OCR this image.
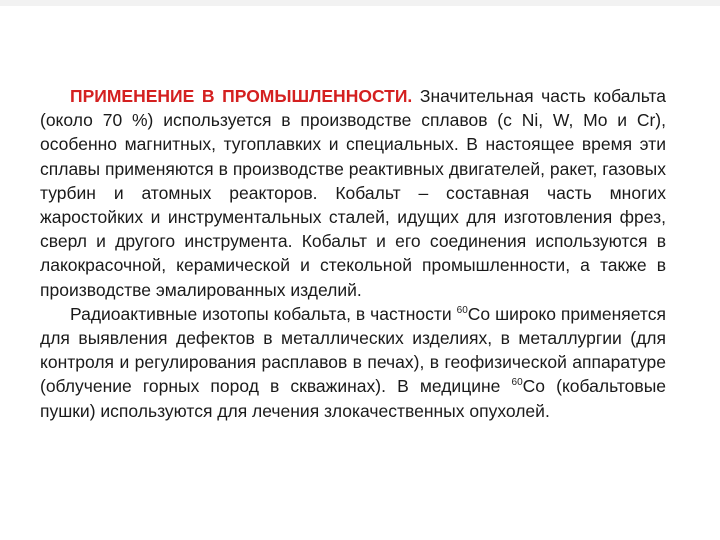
ПРИМЕНЕНИЕ В ПРОМЫШЛЕННОСТИ. Значительная часть кобальта (около 70 %) используется в производстве сплавов (с Ni, W, Mo и Cr), особенно магнитных, тугоплавких и специальных. В настоящее время эти сплавы применяются в производстве реактивных двигателей, ракет, газовых турбин и атомных реакторов. Кобальт – составная часть многих жаростойких и инструментальных сталей, идущих для изготовления фрез, сверл и другого инструмента. Кобальт и его соединения используются в лакокрасочной, керамической и стекольной промышленности, а также в производстве эмалированных изделий.

Радиоактивные изотопы кобальта, в частности $^{60}$Co широко применяется для выявления дефектов в металлических изделиях, в металлургии (для контроля и регулирования расплавов в печах), в геофизической аппаратуре (облучение горных пород в скважинах). В медицине $^{60}$Co (кобальтовые пушки) используются для лечения злокачественных опухолей.
